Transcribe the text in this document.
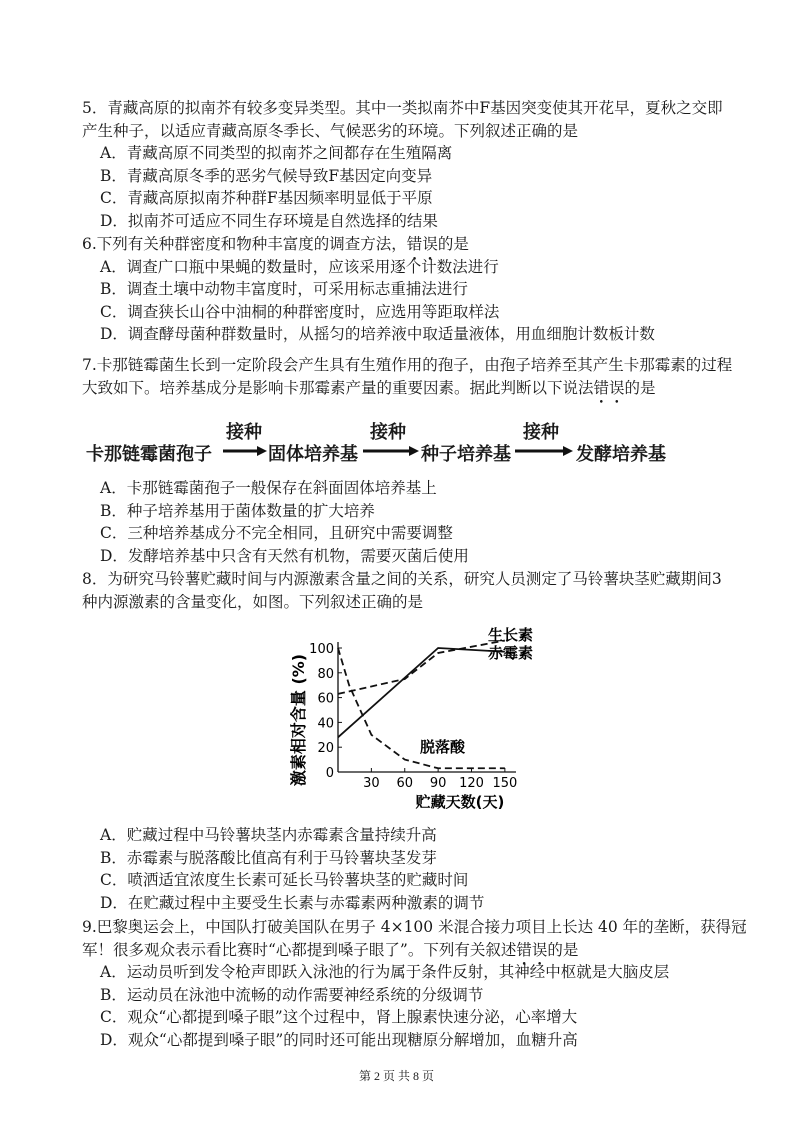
5．青藏高原的拟南芥有较多变异类型。其中一类拟南芥中F基因突变使其开花早，夏秋之交即

产生种子，以适应青藏高原冬季长、气候恶劣的环境。下列叙述正确的是

A．青藏高原不同类型的拟南芥之间都存在生殖隔离

B．青藏高原冬季的恶劣气候导致F基因定向变异

C．青藏高原拟南芥种群F基因频率明显低于平原

D．拟南芥可适应不同生存环境是自然选择的结果

6.下列有关种群密度和物种丰富度的调查方法，错误的是

A．调查广口瓶中果蝇的数量时，应该采用逐个计数法进行

B．调查土壤中动物丰富度时，可采用标志重捕法进行

C．调查狭长山谷中油桐的种群密度时，应选用等距取样法

D．调查酵母菌种群数量时，从摇匀的培养液中取适量液体，用血细胞计数板计数

7.卡那链霉菌生长到一定阶段会产生具有生殖作用的孢子，由孢子培养至其产生卡那霉素的过程

大致如下。培养基成分是影响卡那霉素产量的重要因素。据此判断以下说法错误的是

卡那链霉菌孢子
接种
固体培养基
接种
种子培养基
接种
发酵培养基

A．卡那链霉菌孢子一般保存在斜面固体培养基上

B．种子培养基用于菌体数量的扩大培养

C．三种培养基成分不完全相同，且研究中需要调整

D．发酵培养基中只含有天然有机物，需要灭菌后使用

8．为研究马铃薯贮藏时间与内源激素含量之间的关系，研究人员测定了马铃薯块茎贮藏期间3

种内源激素的含量变化，如图。下列叙述正确的是

激素相对含量 (%)
贮藏天数(天)
0
20
40
60
80
100
30 60 90 120 150
生长素
赤霉素
脱落酸

A．贮藏过程中马铃薯块茎内赤霉素含量持续升高

B．赤霉素与脱落酸比值高有利于马铃薯块茎发芽

C．喷洒适宜浓度生长素可延长马铃薯块茎的贮藏时间

D．在贮藏过程中主要受生长素与赤霉素两种激素的调节

9.巴黎奥运会上，中国队打破美国队在男子 4×100 米混合接力项目上长达 40 年的垄断，获得冠

军！很多观众表示看比赛时“心都提到嗓子眼了”。下列有关叙述错误的是

A．运动员听到发令枪声即跃入泳池的行为属于条件反射，其神经中枢就是大脑皮层

B．运动员在泳池中流畅的动作需要神经系统的分级调节

C．观众“心都提到嗓子眼”这个过程中，肾上腺素快速分泌，心率增大

D．观众“心都提到嗓子眼”的同时还可能出现糖原分解增加，血糖升高

第 2 页 共 8 页
